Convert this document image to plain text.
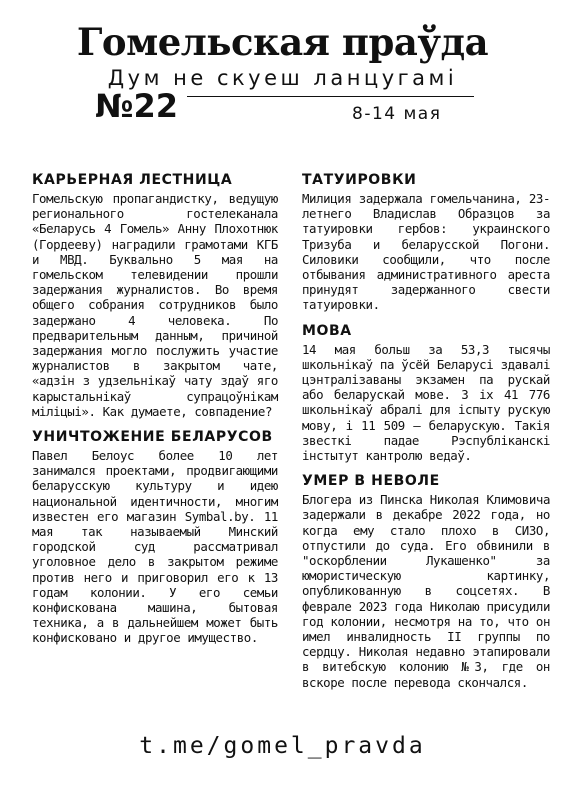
Гомельская праўда
Дум не скуеш ланцугамі
№22	8-14 мая
КАРЬЕРНАЯ ЛЕСТНИЦА

Гомельскую пропагандистку, ведущую регионального гостелеканала «Беларусь 4 Гомель» Анну Плохотнюк (Гордееву) наградили грамотами КГБ и МВД. Буквально 5 мая на гомельском телевидении прошли задержания журналистов. Во время общего собрания сотрудников было задержано 4 человека. По предварительным данным, причиной задержания могло послужить участие журналистов в закрытом чате, «адзін з удзельнікаў чату здаў яго карыстальнікаў супрацоўнікам міліцыі». Как думаете, совпадение?

УНИЧТОЖЕНИЕ БЕЛАРУСОВ

Павел Белоус более 10 лет занимался проектами, продвигающими беларусскую культуру и идею национальной идентичности, многим известен его магазин Symbal.by. 11 мая так называемый Минский городской суд рассматривал уголовное дело в закрытом режиме против него и приговорил его к 13 годам колонии. У его семьи конфискована машина, бытовая техника, а в дальнейшем может быть конфисковано и другое имущество.

ТАТУИРОВКИ

Милиция задержала гомельчанина, 23-летнего Владислав Образцов за татуировки гербов: украинского Тризуба и беларусской Погони. Силовики сообщили, что после отбывания административного ареста принудят задержанного свести татуировки.

МОВА

14 мая больш за 53,3 тысячы школьнікаў па ўсёй Беларусі здавалі цэнтралізаваны экзамен па рускай або беларускай мове. З іх 41 776 школьнікаў абралі для іспыту рускую мову, і 11 509 – беларускую. Такія звесткі падае Рэспубліканскі інстытут кантролю ведаў.

УМЕР В НЕВОЛЕ

Блогера из Пинска Николая Климовича задержали в декабре 2022 года, но когда ему стало плохо в СИЗО, отпустили до суда. Его обвинили в "оскорблении Лукашенко" за юмористическую картинку, опубликованную в соцсетях. В феврале 2023 года Николаю присудили год колонии, несмотря на то, что он имел инвалидность II группы по сердцу. Николая недавно этапировали в витебскую колонию №3, где он вскоре после перевода скончался.

t.me/gomel_pravda
